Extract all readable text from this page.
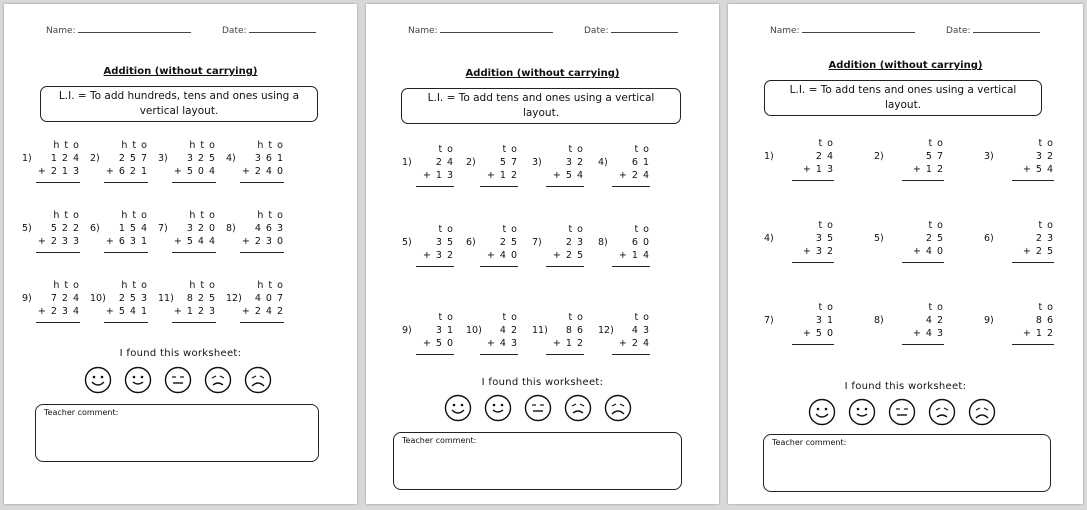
Name:	Date:
Addition (without carrying)
L.I. = To add hundreds, tens and ones using a vertical layout.
h t o
1) 1 2 4
+ 2 1 3
h t o
2) 2 5 7
+ 6 2 1
h t o
3) 3 2 5
+ 5 0 4
h t o
4) 3 6 1
+ 2 4 0
h t o
5) 5 2 2
+ 2 3 3
h t o
6) 1 5 4
+ 6 3 1
h t o
7) 3 2 0
+ 5 4 4
h t o
8) 4 6 3
+ 2 3 0
h t o
9) 7 2 4
+ 2 3 4
h t o
10) 2 5 3
+ 5 4 1
h t o
11) 8 2 5
+ 1 2 3
h t o
12) 4 0 7
+ 2 4 2
I found this worksheet:
Teacher comment:
Name:	Date:
Addition (without carrying)
L.I. = To add tens and ones using a vertical layout.
t o
1)	2 4
+ 1 3
t o
2)	5 7
+ 1 2
t o
3)	3 2
+ 5 4
t o
4)	6 1
+ 2 4
t o
5)	3 5
+ 3 2
t o
6)	2 5
+ 4 0
t o
7)	2 3
+ 2 5
t o
8)	6 0
+ 1 4
t o
9)	3 1
+ 5 0
t o
10) 4 2
+ 4 3
t o
11) 8 6
+ 1 2
t o
12) 4 3
+ 2 4
I found this worksheet:
Teacher comment:
Name:	Date:
Addition (without carrying)
L.I. = To add tens and ones using a vertical layout.
t o
1)	2 4
+ 1 3
t o
2)	5 7
+ 1 2
t o
3)	3 2
+ 5 4
t o
4)	3 5
+ 3 2
t o
5)	2 5
+ 4 0
t o
6)	2 3
+ 2 5
t o
7)	3 1
+ 5 0
t o
8)	4 2
+ 4 3
t o
9)	8 6
+ 1 2
I found this worksheet:
Teacher comment:
